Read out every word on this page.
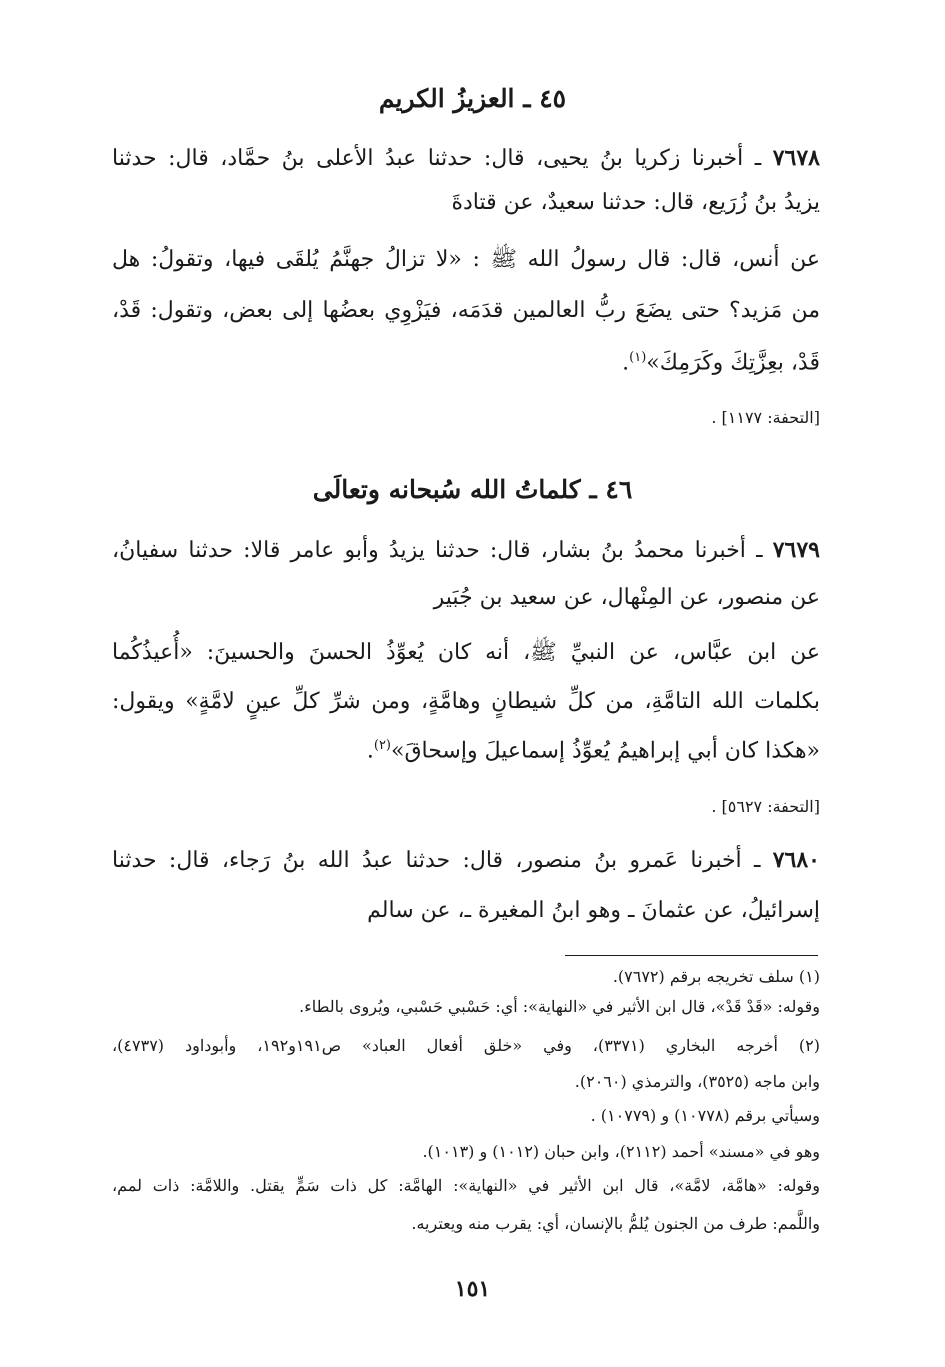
٤٥ ـ العزيزُ الكريم
٧٦٧٨ ـ أخبرنا زكريا بنُ يحيى، قال: حدثنا عبدُ الأعلى بنُ حمَّاد، قال: حدثنا
يزيدُ بنُ زُرَيع، قال: حدثنا سعيدٌ، عن قتادةَ
عن أنس، قال: قال رسولُ الله ﷺ : «لا تزالُ جهنَّمُ يُلقَى فيها، وتقولُ: هل
من مَزيد؟ حتى يضَعَ ربُّ العالمين قدَمَه، فيَزْوِي بعضُها إلى بعض، وتقول: قَدْ،
قَدْ، بعِزَّتِكَ وكَرَمِكَ»$^{(١)}$.
[التحفة: ١١٧٧] .
٤٦ ـ كلماتُ الله سُبحانه وتعالَى
٧٦٧٩ ـ أخبرنا محمدُ بنُ بشار، قال: حدثنا يزيدُ وأبو عامر قالا: حدثنا سفيانُ،
عن منصور، عن المِنْهال، عن سعيد بن جُبَير
عن ابن عبَّاس، عن النبيِّ ﷺ، أنه كان يُعوِّذُ الحسنَ والحسينَ: «أُعيذُكُما
بكلمات الله التامَّةِ، من كلِّ شيطانٍ وهامَّةٍ، ومن شرِّ كلِّ عينٍ لامَّةٍ» ويقول:
«هكذا كان أبي إبراهيمُ يُعوِّذُ إسماعيلَ وإسحاقَ»$^{(٢)}$.
[التحفة: ٥٦٢٧] .
٧٦٨٠ ـ أخبرنا عَمرو بنُ منصور، قال: حدثنا عبدُ الله بنُ رَجاء، قال: حدثنا
إسرائيلُ، عن عثمانَ ـ وهو ابنُ المغيرة ـ، عن سالم
(١) سلف تخريجه برقم (٧٦٧٢).
وقوله: «قَدْ قَدْ»، قال ابن الأثير في «النهاية»: أي: حَسْبي حَسْبي، ويُروى بالطاء.
(٢) أخرجه البخاري (٣٣٧١)، وفي «خلق أفعال العباد» ص١٩١و١٩٢، وأبوداود (٤٧٣٧)،
وابن ماجه (٣٥٢٥)، والترمذي (٢٠٦٠).
وسيأتي برقم (١٠٧٧٨) و (١٠٧٧٩) .
وهو في «مسند» أحمد (٢١١٢)، وابن حبان (١٠١٢) و (١٠١٣).
وقوله: «هامَّة، لامَّة»، قال ابن الأثير في «النهاية»: الهامَّة: كل ذات سَمٍّ يقتل. واللامَّة: ذات لمم،
واللَّمم: طرف من الجنون يُلمُّ بالإنسان، أي: يقرب منه ويعتريه.
١٥١
